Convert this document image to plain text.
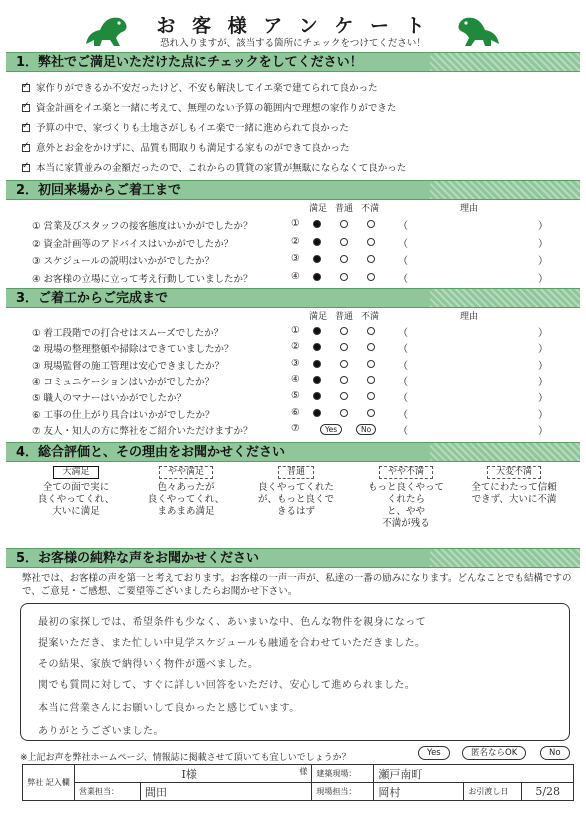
お 客 様 ア ン ケ ー ト
恐れ入りますが、該当する箇所にチェックをつけてください！
1．弊社でご満足いただけた点にチェックをしてください！
✓家作りができるか不安だったけど、不安も解決してイエ楽で建てられて良かった
✓資金計画をイエ楽と一緒に考えて、無理のない予算の範囲内で理想の家作りができた
✓予算の中で、家づくりも土地さがしもイエ楽で一緒に進められて良かった
✓意外とお金をかけずに、品質も間取りも満足する家ものができて良かった
✓本当に家賃並みの金額だったので、これからの賃貸の家賃が無駄にならなくて良かった
2．初回来場からご着工まで
満足 普通 不満	理由
① 営業及びスタッフの接客態度はいかがでしたか？	①	（	）
② 資金計画等のアドバイスはいかがでしたか？	②	（	）
③ スケジュールの説明はいかがでしたか？	③	（	）
④ お客様の立場に立って考え行動していましたか？	④	（	）
3．ご着工からご完成まで
満足 普通 不満	理由
① 着工段階での打合せはスムーズでしたか？	①	（	）
② 現場の整理整頓や掃除はできていましたか？	②	（	）
③ 現場監督の施工管理は安心できましたか？	③	（	）
④ コミュニケーションはいかがでしたか？	④	（	）
⑤ 職人のマナーはいかがでしたか？	⑤	（	）
⑥ 工事の仕上がり具合はいかがでしたか？	⑥	（	）
⑦ 友人・知人の方に弊社をご紹介いただけますか？	⑦	Yes	No	（	）
4．総合評価と、その理由をお聞かせください
大満足
全ての面で実に
良くやってくれ、
大いに満足
やや満足
色々あったが
良くやってくれ、
まあまあ満足
普通
良くやってくれた
が、もっと良くで
きるはず
やや不満
もっと良くやって
くれたら
と、やや
不満が残る
大変不満
全てにわたって信頼
できず、大いに不満
5．お客様の純粋な声をお聞かせください
弊社では、お客様の声を第一と考えております。お客様の一声一声が、私達の一番の励みになります。どんなことでも結構ですので、ご意見・ご感想、ご要望等ございましたらお聞かせ下さい。
最初の家探しでは、希望条件も少なく、あいまいな中、色んな物件を親身になって
提案いただき、また忙しい中見学スケジュールも融通を合わせていただきました。
その結果、家族で納得いく物件が選べました。
関でも質問に対して、すぐに詳しい回答をいただけ、安心して進められました。
本当に営業さんにお願いして良かったと感じています。
ありがとうございました。
※上記お声を弊社ホームページ、情報誌に掲載させて頂いても宜しいでしょうか？	Yes	匿名ならOK	No
弊社 記入欄	I様 様		建築現場：	瀬戸南町		
	営業担当：	間田	現場担当：	岡村	お引渡し日	5/28
